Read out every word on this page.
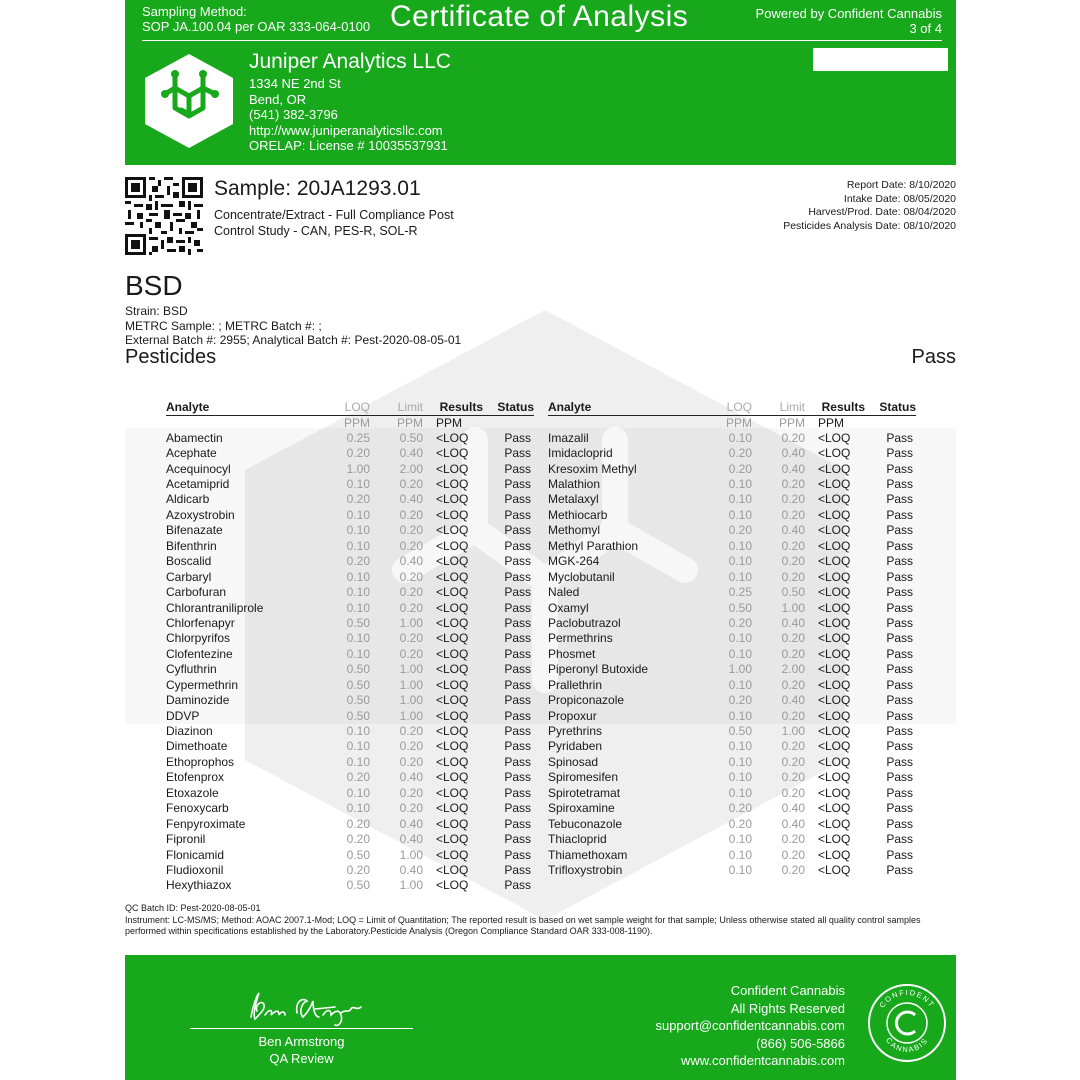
Sampling Method:
SOP JA.100.04 per OAR 333-064-0100 Certificate of Analysis	Powered by Confident Cannabis
3 of 4
Juniper Analytics LLC
1334 NE 2nd St
Bend, OR
(541) 382-3796
http://www.juniperanalyticsllc.com
ORELAP: License # 10035537931
Sample: 20JA1293.01
Concentrate/Extract - Full Compliance Post
Control Study - CAN, PES-R, SOL-R
Report Date: 8/10/2020
Intake Date: 08/05/2020
Harvest/Prod. Date: 08/04/2020
Pesticides Analysis Date: 08/10/2020
BSD
Strain: BSD
METRC Sample: ; METRC Batch #: ;
External Batch #: 2955; Analytical Batch #: Pest-2020-08-05-01
Pesticides	Pass
Analyte	LOQ	Limit	Results	Status
	PPM	PPM	PPM	
Abamectin	0.25	0.50	<LOQ	Pass
Acephate	0.20	0.40	<LOQ	Pass
Acequinocyl	1.00	2.00	<LOQ	Pass
Acetamiprid	0.10	0.20	<LOQ	Pass
Aldicarb	0.20	0.40	<LOQ	Pass
Azoxystrobin	0.10	0.20	<LOQ	Pass
Bifenazate	0.10	0.20	<LOQ	Pass
Bifenthrin	0.10	0.20	<LOQ	Pass
Boscalid	0.20	0.40	<LOQ	Pass
Carbaryl	0.10	0.20	<LOQ	Pass
Carbofuran	0.10	0.20	<LOQ	Pass
Chlorantraniliprole	0.10	0.20	<LOQ	Pass
Chlorfenapyr	0.50	1.00	<LOQ	Pass
Chlorpyrifos	0.10	0.20	<LOQ	Pass
Clofentezine	0.10	0.20	<LOQ	Pass
Cyfluthrin	0.50	1.00	<LOQ	Pass
Cypermethrin	0.50	1.00	<LOQ	Pass
Daminozide	0.50	1.00	<LOQ	Pass
DDVP	0.50	1.00	<LOQ	Pass
Diazinon	0.10	0.20	<LOQ	Pass
Dimethoate	0.10	0.20	<LOQ	Pass
Ethoprophos	0.10	0.20	<LOQ	Pass
Etofenprox	0.20	0.40	<LOQ	Pass
Etoxazole	0.10	0.20	<LOQ	Pass
Fenoxycarb	0.10	0.20	<LOQ	Pass
Fenpyroximate	0.20	0.40	<LOQ	Pass
Fipronil	0.20	0.40	<LOQ	Pass
Flonicamid	0.50	1.00	<LOQ	Pass
Fludioxonil	0.20	0.40	<LOQ	Pass
Hexythiazox	0.50	1.00	<LOQ	Pass
Analyte	LOQ	Limit	Results	Status
	PPM	PPM	PPM	
Imazalil	0.10	0.20	<LOQ	Pass
Imidacloprid	0.20	0.40	<LOQ	Pass
Kresoxim Methyl	0.20	0.40	<LOQ	Pass
Malathion	0.10	0.20	<LOQ	Pass
Metalaxyl	0.10	0.20	<LOQ	Pass
Methiocarb	0.10	0.20	<LOQ	Pass
Methomyl	0.20	0.40	<LOQ	Pass
Methyl Parathion	0.10	0.20	<LOQ	Pass
MGK-264	0.10	0.20	<LOQ	Pass
Myclobutanil	0.10	0.20	<LOQ	Pass
Naled	0.25	0.50	<LOQ	Pass
Oxamyl	0.50	1.00	<LOQ	Pass
Paclobutrazol	0.20	0.40	<LOQ	Pass
Permethrins	0.10	0.20	<LOQ	Pass
Phosmet	0.10	0.20	<LOQ	Pass
Piperonyl Butoxide	1.00	2.00	<LOQ	Pass
Prallethrin	0.10	0.20	<LOQ	Pass
Propiconazole	0.20	0.40	<LOQ	Pass
Propoxur	0.10	0.20	<LOQ	Pass
Pyrethrins	0.50	1.00	<LOQ	Pass
Pyridaben	0.10	0.20	<LOQ	Pass
Spinosad	0.10	0.20	<LOQ	Pass
Spiromesifen	0.10	0.20	<LOQ	Pass
Spirotetramat	0.10	0.20	<LOQ	Pass
Spiroxamine	0.20	0.40	<LOQ	Pass
Tebuconazole	0.20	0.40	<LOQ	Pass
Thiacloprid	0.10	0.20	<LOQ	Pass
Thiamethoxam	0.10	0.20	<LOQ	Pass
Trifloxystrobin	0.10	0.20	<LOQ	Pass
QC Batch ID: Pest-2020-08-05-01
Instrument: LC-MS/MS; Method: AOAC 2007.1-Mod; LOQ = Limit of Quantitation; The reported result is based on wet sample weight for that sample; Unless otherwise stated all quality control samples performed within specifications established by the Laboratory.Pesticide Analysis (Oregon Compliance Standard OAR 333-008-1190).
Ben Armstrong
QA Review
Confident Cannabis
All Rights Reserved
support@confidentcannabis.com
(866) 506-5866
www.confidentcannabis.com
CONFIDENT
CANNABIS
